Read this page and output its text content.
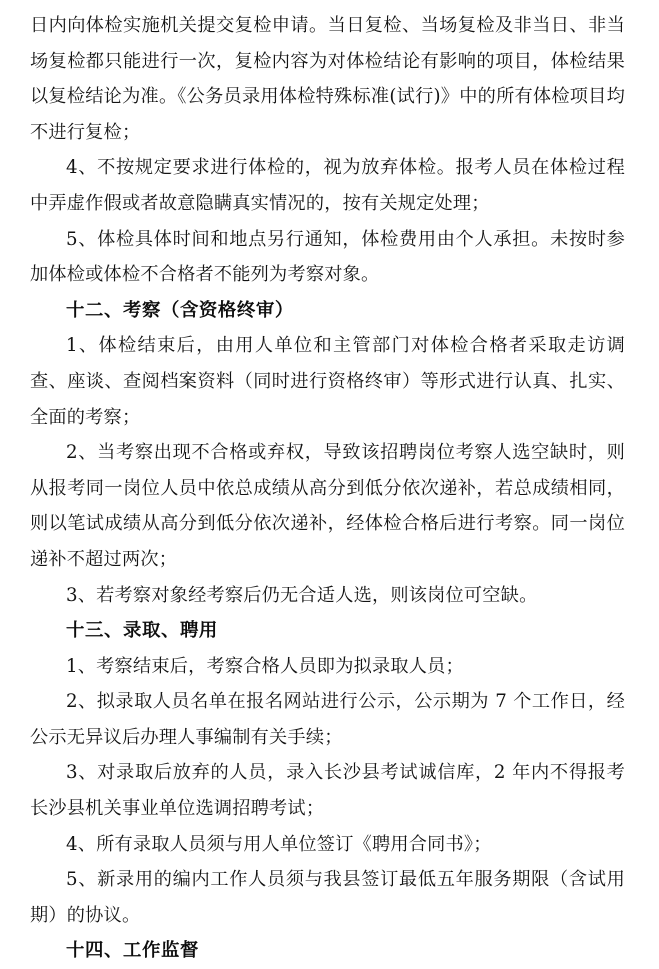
日内向体检实施机关提交复检申请。当日复检、当场复检及非当日、非当场复检都只能进行一次，复检内容为对体检结论有影响的项目，体检结果以复检结论为准。《公务员录用体检特殊标准(试行)》中的所有体检项目均不进行复检；

4、不按规定要求进行体检的，视为放弃体检。报考人员在体检过程中弄虚作假或者故意隐瞒真实情况的，按有关规定处理；

5、体检具体时间和地点另行通知，体检费用由个人承担。未按时参加体检或体检不合格者不能列为考察对象。

十二、考察（含资格终审）

1、体检结束后，由用人单位和主管部门对体检合格者采取走访调查、座谈、查阅档案资料（同时进行资格终审）等形式进行认真、扎实、全面的考察；

2、当考察出现不合格或弃权，导致该招聘岗位考察人选空缺时，则从报考同一岗位人员中依总成绩从高分到低分依次递补，若总成绩相同，则以笔试成绩从高分到低分依次递补，经体检合格后进行考察。同一岗位递补不超过两次；

3、若考察对象经考察后仍无合适人选，则该岗位可空缺。

十三、录取、聘用

1、考察结束后，考察合格人员即为拟录取人员；

2、拟录取人员名单在报名网站进行公示，公示期为 7 个工作日，经公示无异议后办理人事编制有关手续；

3、对录取后放弃的人员，录入长沙县考试诚信库，2 年内不得报考长沙县机关事业单位选调招聘考试；

4、所有录取人员须与用人单位签订《聘用合同书》；

5、新录用的编内工作人员须与我县签订最低五年服务期限（含试用期）的协议。

十四、工作监督
